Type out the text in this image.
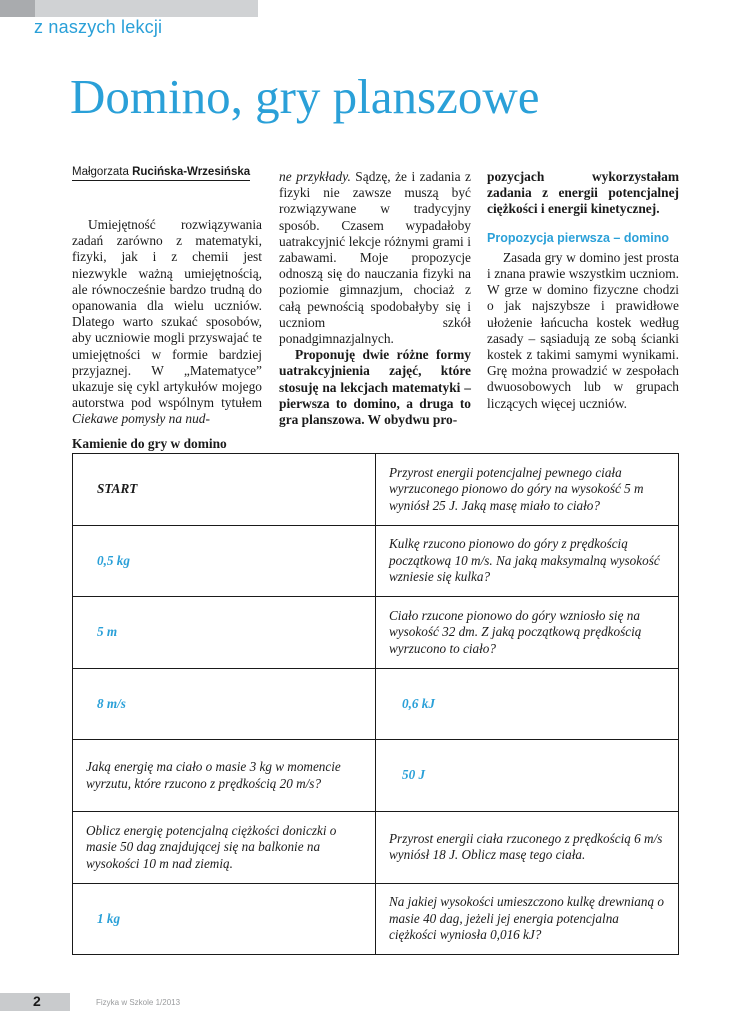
z naszych lekcji
Domino, gry planszowe
Małgorzata Rucińska-Wrzesińska

Umiejętność rozwiązywania zadań zarówno z matematyki, fizyki, jak i z chemii jest niezwykle ważną umiejętnością, ale równocześnie bardzo trudną do opanowania dla wielu uczniów. Dlatego warto szukać sposobów, aby uczniowie mogli przyswajać te umiejętności w formie bardziej przyjaznej. W „Matematyce” ukazuje się cykl artykułów mojego autorstwa pod wspólnym tytułem Ciekawe pomysły na nud-

ne przykłady. Sądzę, że i zadania z fizyki nie zawsze muszą być rozwiązywane w tradycyjny sposób. Czasem wypadałoby uatrakcyjnić lekcje różnymi grami i zabawami. Moje propozycje odnoszą się do nauczania fizyki na poziomie gimnazjum, chociaż z całą pewnością spodobałyby się i uczniom szkół ponadgimnazjalnych.

Proponuję dwie różne formy uatrakcyjnienia zajęć, które stosuję na lekcjach matematyki – pierwsza to domino, a druga to gra planszowa. W obydwu pro-

pozycjach wykorzystałam zadania z energii potencjalnej ciężkości i energii kinetycznej.

Propozycja pierwsza – domino

Zasada gry w domino jest prosta i znana prawie wszystkim uczniom. W grze w domino fizyczne chodzi o jak najszybsze i prawidłowe ułożenie łańcucha kostek według zasady – sąsiadują ze sobą ścianki kostek z takimi samymi wynikami. Grę można prowadzić w zespołach dwuosobowych lub w grupach liczących więcej uczniów.

Kamienie do gry w domino
START	Przyrost energii potencjalnej pewnego ciała wyrzuconego pionowo do góry na wysokość 5 m wyniósł 25 J. Jaką masę miało to ciało?
0,5 kg	Kulkę rzucono pionowo do góry z prędkością początkową 10 m/s. Na jaką maksymalną wysokość wzniesie się kulka?
5 m	Ciało rzucone pionowo do góry wzniosło się na wysokość 32 dm. Z jaką początkową prędkością wyrzucono to ciało?
8 m/s	0,6 kJ
Jaką energię ma ciało o masie 3 kg w momencie wyrzutu, które rzucono z prędkością 20 m/s?	50 J
Oblicz energię potencjalną ciężkości doniczki o masie 50 dag znajdującej się na balkonie na wysokości 10 m nad ziemią.	Przyrost energii ciała rzuconego z prędkością 6 m/s wyniósł 18 J. Oblicz masę tego ciała.
1 kg	Na jakiej wysokości umieszczono kulkę drewnianą o masie 40 dag, jeżeli jej energia potencjalna ciężkości wyniosła 0,016 kJ?
2	Fizyka w Szkole 1/2013
